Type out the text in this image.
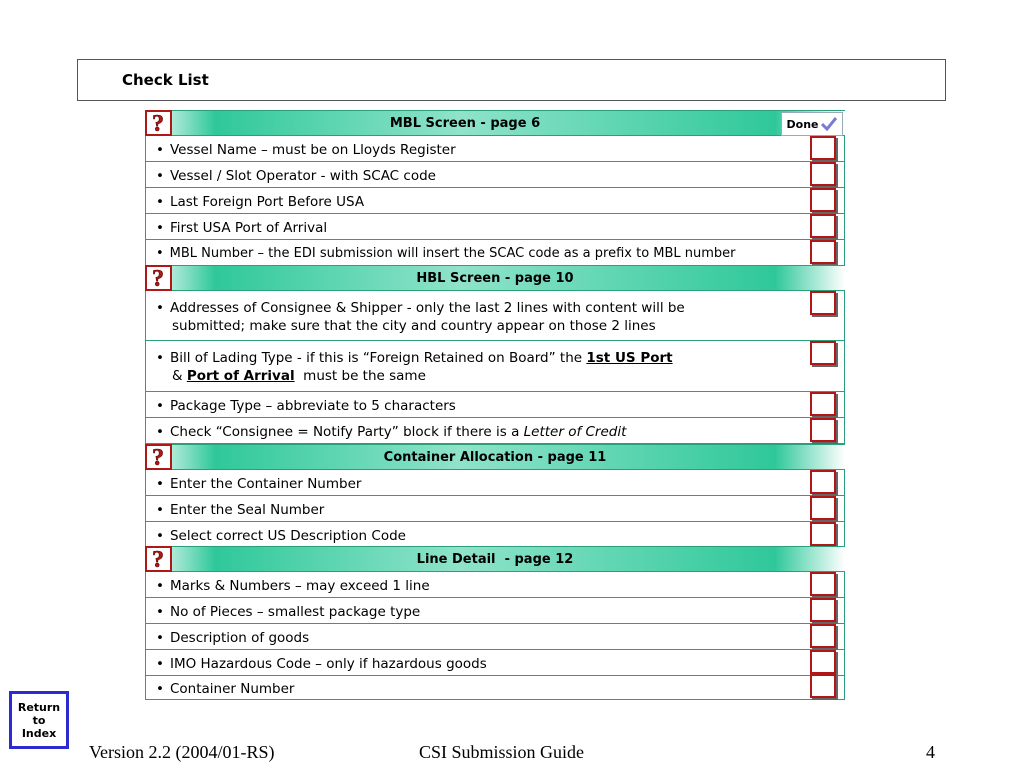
Check List
?	MBL Screen - page 6	Done
• Vessel Name – must be on Lloyds Register
• Vessel / Slot Operator - with SCAC code
• Last Foreign Port Before USA
• First USA Port of Arrival
• MBL Number – the EDI submission will insert the SCAC code as a prefix to MBL number
?	HBL Screen - page 10
• Addresses of Consignee & Shipper - only the last 2 lines with content will be
submitted; make sure that the city and country appear on those 2 lines
• Bill of Lading Type - if this is “Foreign Retained on Board” the 1st US Port
& Port of Arrival  must be the same
• Package Type – abbreviate to 5 characters
• Check “Consignee = Notify Party” block if there is a Letter of Credit
?	Container Allocation - page 11
• Enter the Container Number
• Enter the Seal Number
• Select correct US Description Code
?	Line Detail  - page 12
• Marks & Numbers – may exceed 1 line
• No of Pieces – smallest package type
• Description of goods
• IMO Hazardous Code – only if hazardous goods
• Container Number
Return
to
Index
Version 2.2 (2004/01-RS)	CSI Submission Guide	4
